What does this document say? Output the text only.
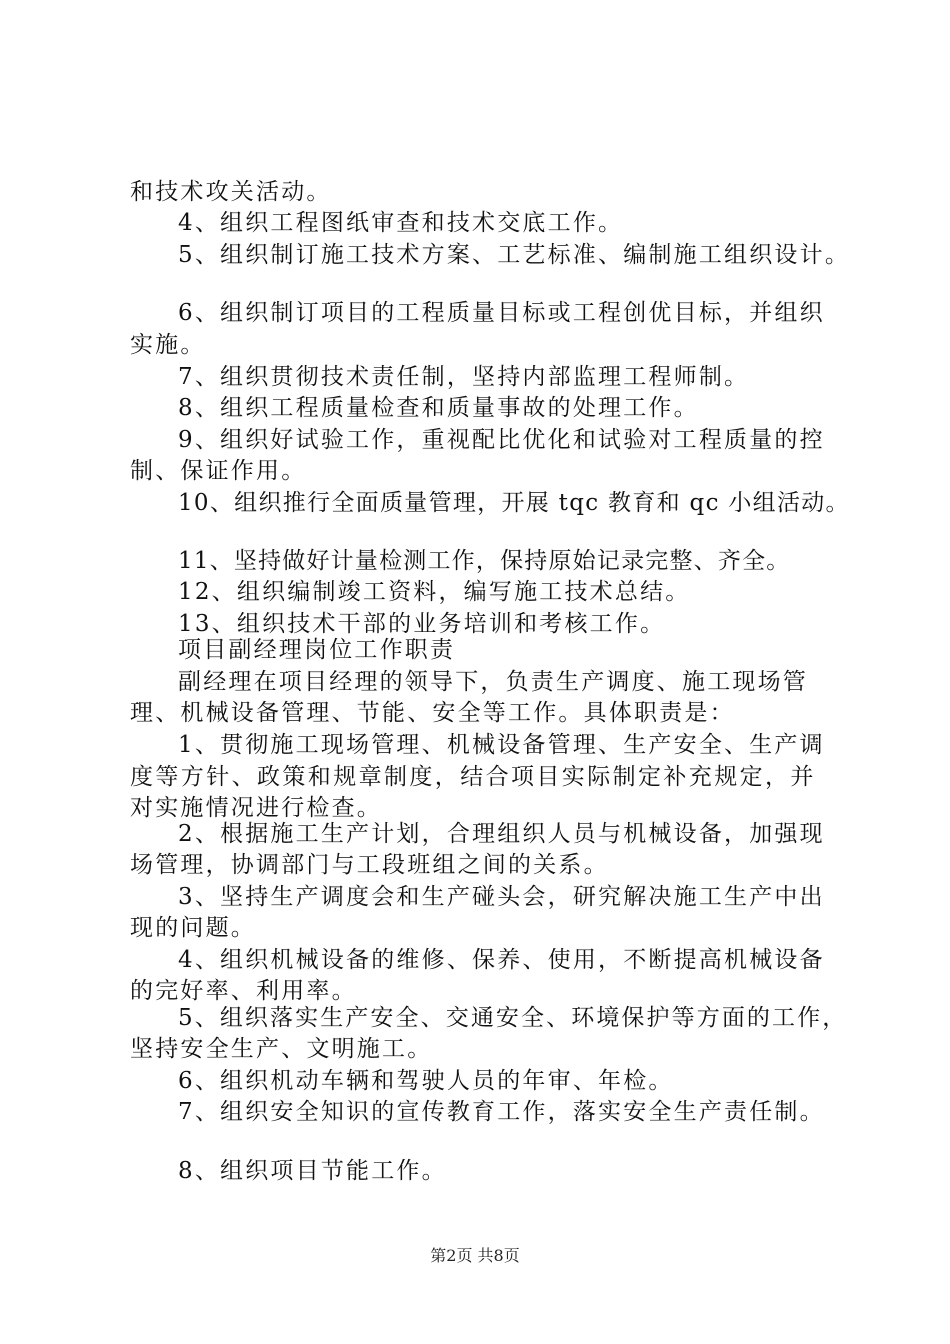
和技术攻关活动。
4、组织工程图纸审查和技术交底工作。
5、组织制订施工技术方案、工艺标准、编制施工组织设计。
6、组织制订项目的工程质量目标或工程创优目标，并组织
实施。
7、组织贯彻技术责任制，坚持内部监理工程师制。
8、组织工程质量检查和质量事故的处理工作。
9、组织好试验工作，重视配比优化和试验对工程质量的控
制、保证作用。
10、组织推行全面质量管理，开展 tqc 教育和 qc 小组活动。
11、坚持做好计量检测工作，保持原始记录完整、齐全。
12、组织编制竣工资料，编写施工技术总结。
13、组织技术干部的业务培训和考核工作。
项目副经理岗位工作职责
副经理在项目经理的领导下，负责生产调度、施工现场管
理、机械设备管理、节能、安全等工作。具体职责是：
1、贯彻施工现场管理、机械设备管理、生产安全、生产调
度等方针、政策和规章制度，结合项目实际制定补充规定，并
对实施情况进行检查。
2、根据施工生产计划，合理组织人员与机械设备，加强现
场管理，协调部门与工段班组之间的关系。
3、坚持生产调度会和生产碰头会，研究解决施工生产中出
现的问题。
4、组织机械设备的维修、保养、使用，不断提高机械设备
的完好率、利用率。
5、组织落实生产安全、交通安全、环境保护等方面的工作，
坚持安全生产、文明施工。
6、组织机动车辆和驾驶人员的年审、年检。
7、组织安全知识的宣传教育工作，落实安全生产责任制。
8、组织项目节能工作。
第2页 共8页
